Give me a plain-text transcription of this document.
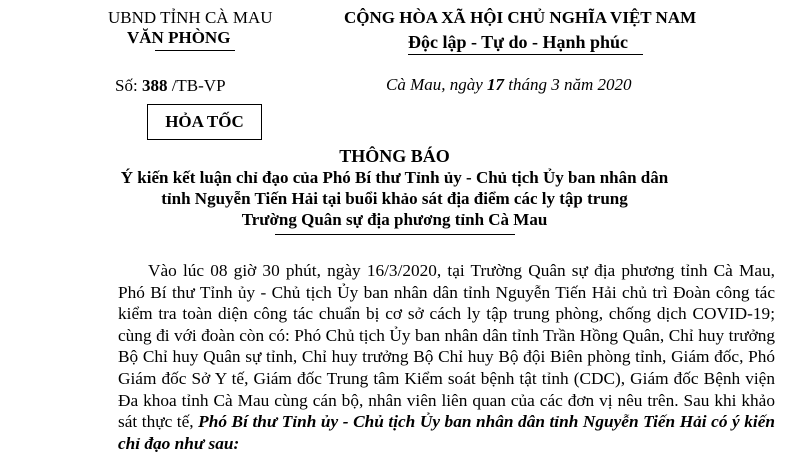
UBND TỈNH CÀ MAU
VĂN PHÒNG
Số: 388 /TB-VP
CỘNG HÒA XÃ HỘI CHỦ NGHĨA VIỆT NAM
Độc lập - Tự do - Hạnh phúc
Cà Mau, ngày 17 tháng 3 năm 2020
HỎA TỐC
THÔNG BÁO
Ý kiến kết luận chỉ đạo của Phó Bí thư Tỉnh ủy - Chủ tịch Ủy ban nhân dân
tỉnh Nguyễn Tiến Hải tại buổi khảo sát địa điểm các ly tập trung
Trường Quân sự địa phương tỉnh Cà Mau

Vào lúc 08 giờ 30 phút, ngày 16/3/2020, tại Trường Quân sự địa phương tỉnh Cà Mau, Phó Bí thư Tỉnh ủy - Chủ tịch Ủy ban nhân dân tỉnh Nguyễn Tiến Hải chủ trì Đoàn công tác kiểm tra toàn diện công tác chuẩn bị cơ sở cách ly tập trung phòng, chống dịch COVID-19; cùng đi với đoàn còn có: Phó Chủ tịch Ủy ban nhân dân tỉnh Trần Hồng Quân, Chỉ huy trưởng Bộ Chỉ huy Quân sự tỉnh, Chỉ huy trưởng Bộ Chỉ huy Bộ đội Biên phòng tỉnh, Giám đốc, Phó Giám đốc Sở Y tế, Giám đốc Trung tâm Kiểm soát bệnh tật tỉnh (CDC), Giám đốc Bệnh viện Đa khoa tỉnh Cà Mau cùng cán bộ, nhân viên liên quan của các đơn vị nêu trên. Sau khi khảo sát thực tế, Phó Bí thư Tỉnh ủy - Chủ tịch Ủy ban nhân dân tỉnh Nguyễn Tiến Hải có ý kiến chỉ đạo như sau:
